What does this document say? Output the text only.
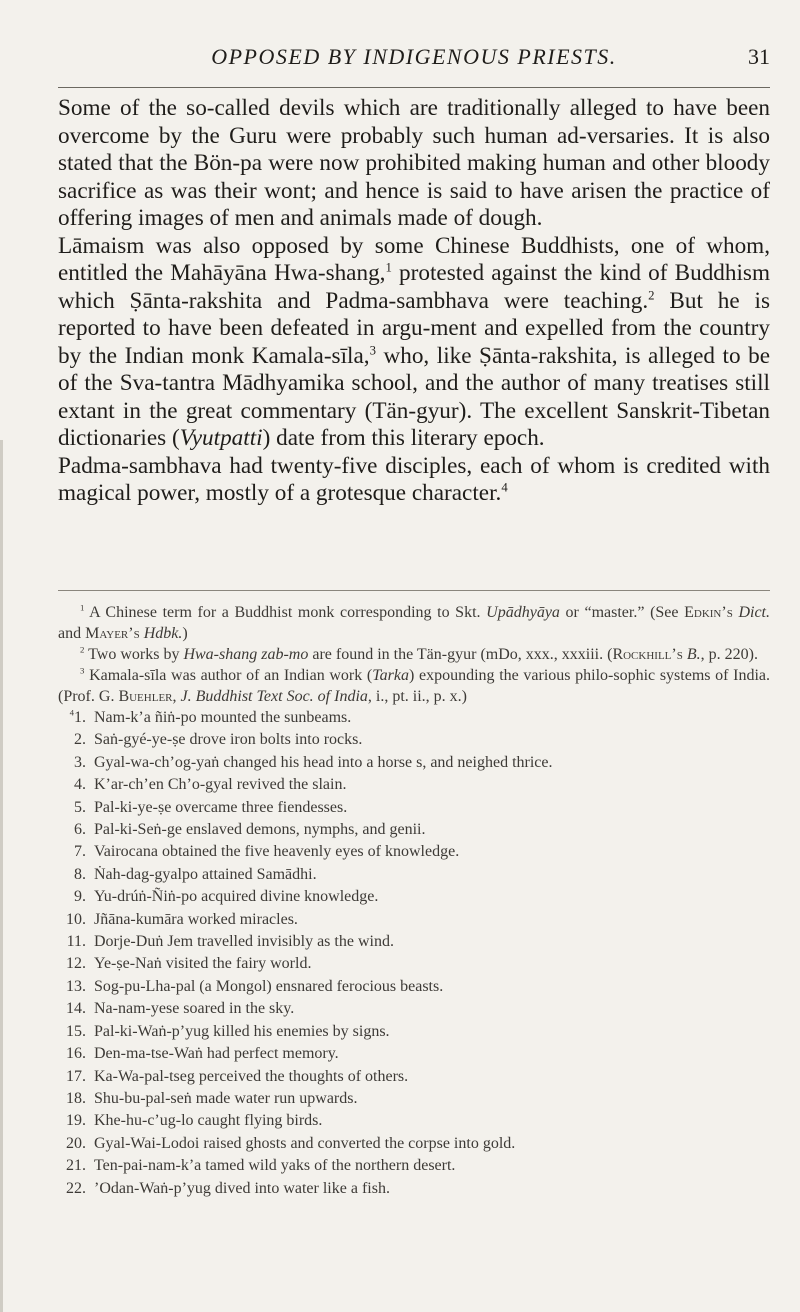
OPPOSED BY INDIGENOUS PRIESTS.	31

Some of the so-called devils which are traditionally alleged to have been overcome by the Guru were probably such human ad-versaries. It is also stated that the Bön-pa were now prohibited making human and other bloody sacrifice as was their wont; and hence is said to have arisen the practice of offering images of men and animals made of dough.

Lāmaism was also opposed by some Chinese Buddhists, one of whom, entitled the Mahāyāna Hwa-shang,$^1$ protested against the kind of Buddhism which Ṣānta-rakshita and Padma-sambhava were teaching.$^2$ But he is reported to have been defeated in argu-ment and expelled from the country by the Indian monk Kamala-sīla,$^3$ who, like Ṣānta-rakshita, is alleged to be of the Sva-tantra Mādhyamika school, and the author of many treatises still extant in the great commentary (Tän-gyur). The excellent Sanskrit-Tibetan dictionaries (Vyutpatti) date from this literary epoch.

Padma-sambhava had twenty-five disciples, each of whom is credited with magical power, mostly of a grotesque character.$^4$

$^1$ A Chinese term for a Buddhist monk corresponding to Skt. Upādhyāya or “master.” (See Edkin’s Dict. and Mayer’s Hdbk.)

$^2$ Two works by Hwa-shang zab-mo are found in the Tän-gyur (mDo, xxx., xxxiii. (Rockhill’s B., p. 220).

$^3$ Kamala-sīla was author of an Indian work (Tarka) expounding the various philo-sophic systems of India. (Prof. G. Buehler, J. Buddhist Text Soc. of India, i., pt. ii., p. x.)

$^4$1. Nam-k’a ñiṅ-po mounted the sunbeams.
2. Saṅ-gyé-ye-ṣe drove iron bolts into rocks.
3. Gyal-wa-ch’og-yaṅ changed his head into a horse s, and neighed thrice.
4. K’ar-ch’en Ch’o-gyal revived the slain.
5. Pal-ki-ye-ṣe overcame three fiendesses.
6. Pal-ki-Seṅ-ge enslaved demons, nymphs, and genii.
7. Vairocana obtained the five heavenly eyes of knowledge.
8. Ṅah-dag-gyalpo attained Samādhi.
9. Yu-drúṅ-Ñiṅ-po acquired divine knowledge.
10. Jñāna-kumāra worked miracles.
11. Dorje-Duṅ Jem travelled invisibly as the wind.
12. Ye-ṣe-Naṅ visited the fairy world.
13. Sog-pu-Lha-pal (a Mongol) ensnared ferocious beasts.
14. Na-nam-yese soared in the sky.
15. Pal-ki-Waṅ-p’yug killed his enemies by signs.
16. Den-ma-tse-Waṅ had perfect memory.
17. Ka-Wa-pal-tseg perceived the thoughts of others.
18. Shu-bu-pal-seṅ made water run upwards.
19. Khe-hu-c’ug-lo caught flying birds.
20. Gyal-Wai-Lodoi raised ghosts and converted the corpse into gold.
21. Ten-pai-nam-k’a tamed wild yaks of the northern desert.
22. ’Odan-Waṅ-p’yug dived into water like a fish.
